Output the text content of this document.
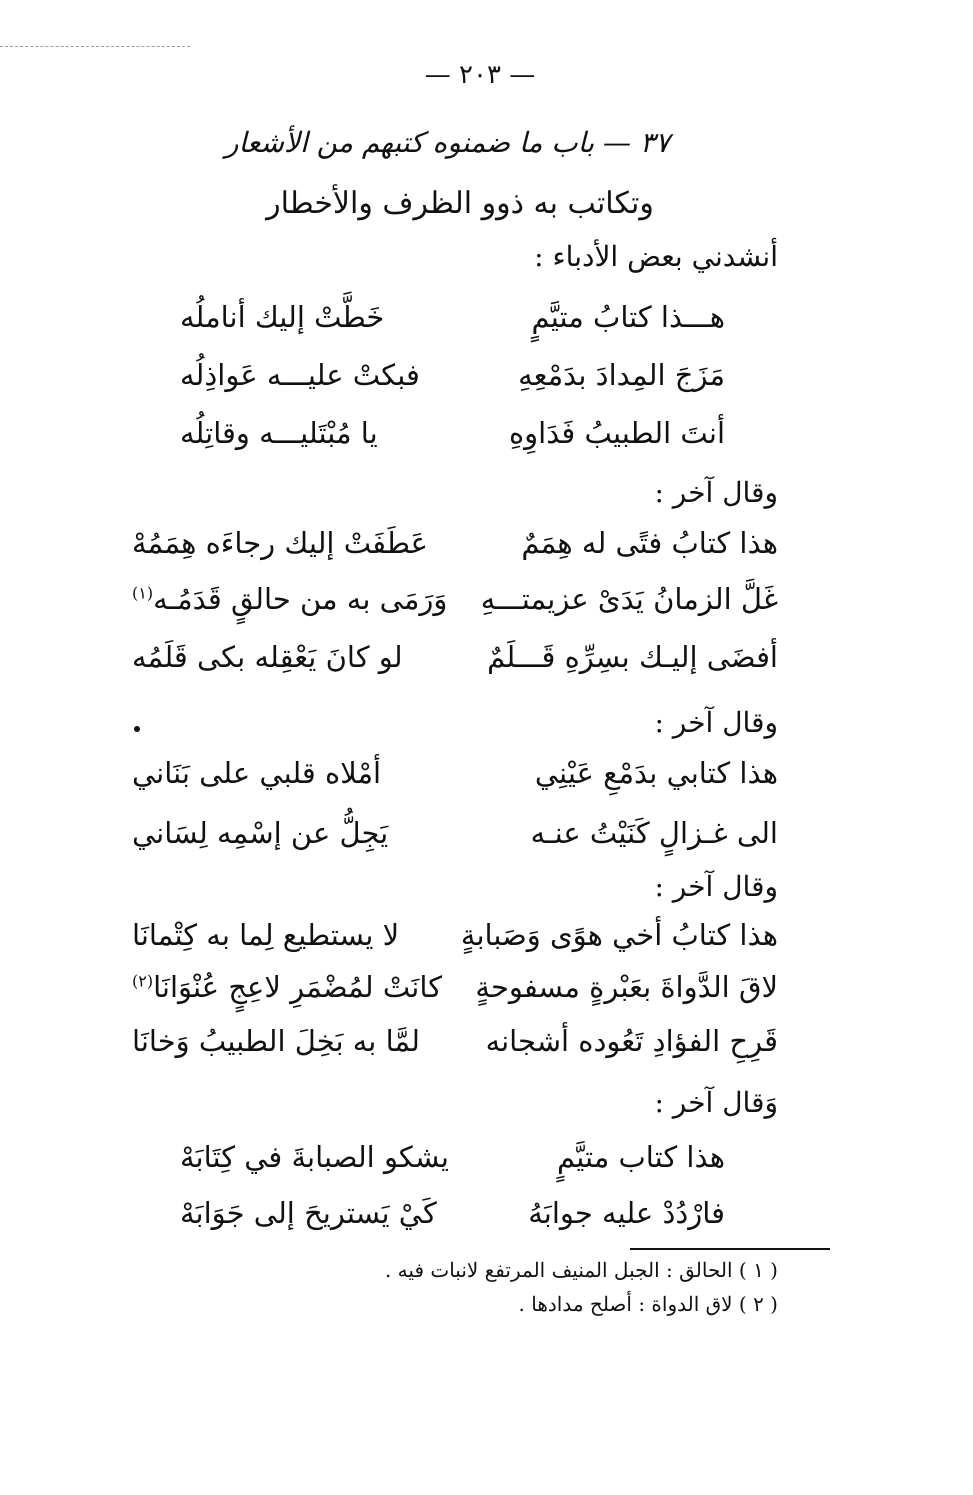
— ٢٠٣ —
٣٧ — باب ما ضمنوه كتبهم من الأشعار
وتكاتب به ذوو الظرف والأخطار
أنشدني بعض الأدباء :
هـــذا كتابُ متيَّمٍ
خَطَّتْ إليك أناملُه
مَزَجَ المِدادَ بدَمْعِهِ
فبكتْ عليـــه عَواذِلُه
أنتَ الطبيبُ فَدَاوِهِ
يا مُبْتَليـــه وقاتِلُه
وقال آخر :
هذا كتابُ فتًى له هِمَمٌ
عَطَفَتْ إليك رجاءَه هِمَمُهْ
غَلَّ الزمانُ يَدَىْ عزيمتـــهِ
وَرَمَى به من حالقٍ قَدَمُـه$^{(١)}$
أفضَى إليـك بسِرِّهِ قَـــلَمٌ
لو كانَ يَعْقِله بكى قَلَمُه
وقال آخر :
هذا كتابي بدَمْعِ عَيْنِي
أمْلاه قلبي على بَنَاني
الى غـزالٍ كَنَيْتُ عنـه
يَجِلُّ عن إسْمِه لِسَاني
وقال آخر :
هذا كتابُ أخي هوًى وَصَبابةٍ
لا يستطيع لِما به كِتْمانَا
لاقَ الدَّواةَ بعَبْرةٍ مسفوحةٍ
كانَتْ لمُضْمَرِ لاعِجٍ عُنْوَانَا$^{(٢)}$
قَرِحِ الفؤادِ تَعُوده أشجانه
لمَّا به بَخِلَ الطبيبُ وَخانَا
وَقال آخر :
هذا كتاب متيَّمٍ
يشكو الصبابةَ في كِتَابَهْ
فارْدُدْ عليه جوابَهُ
كَيْ يَستريحَ إلى جَوَابَهْ
( ١ ) الحالق : الجبل المنيف المرتفع لانبات فيه .
( ٢ ) لاق الدواة : أصلح مدادها .
